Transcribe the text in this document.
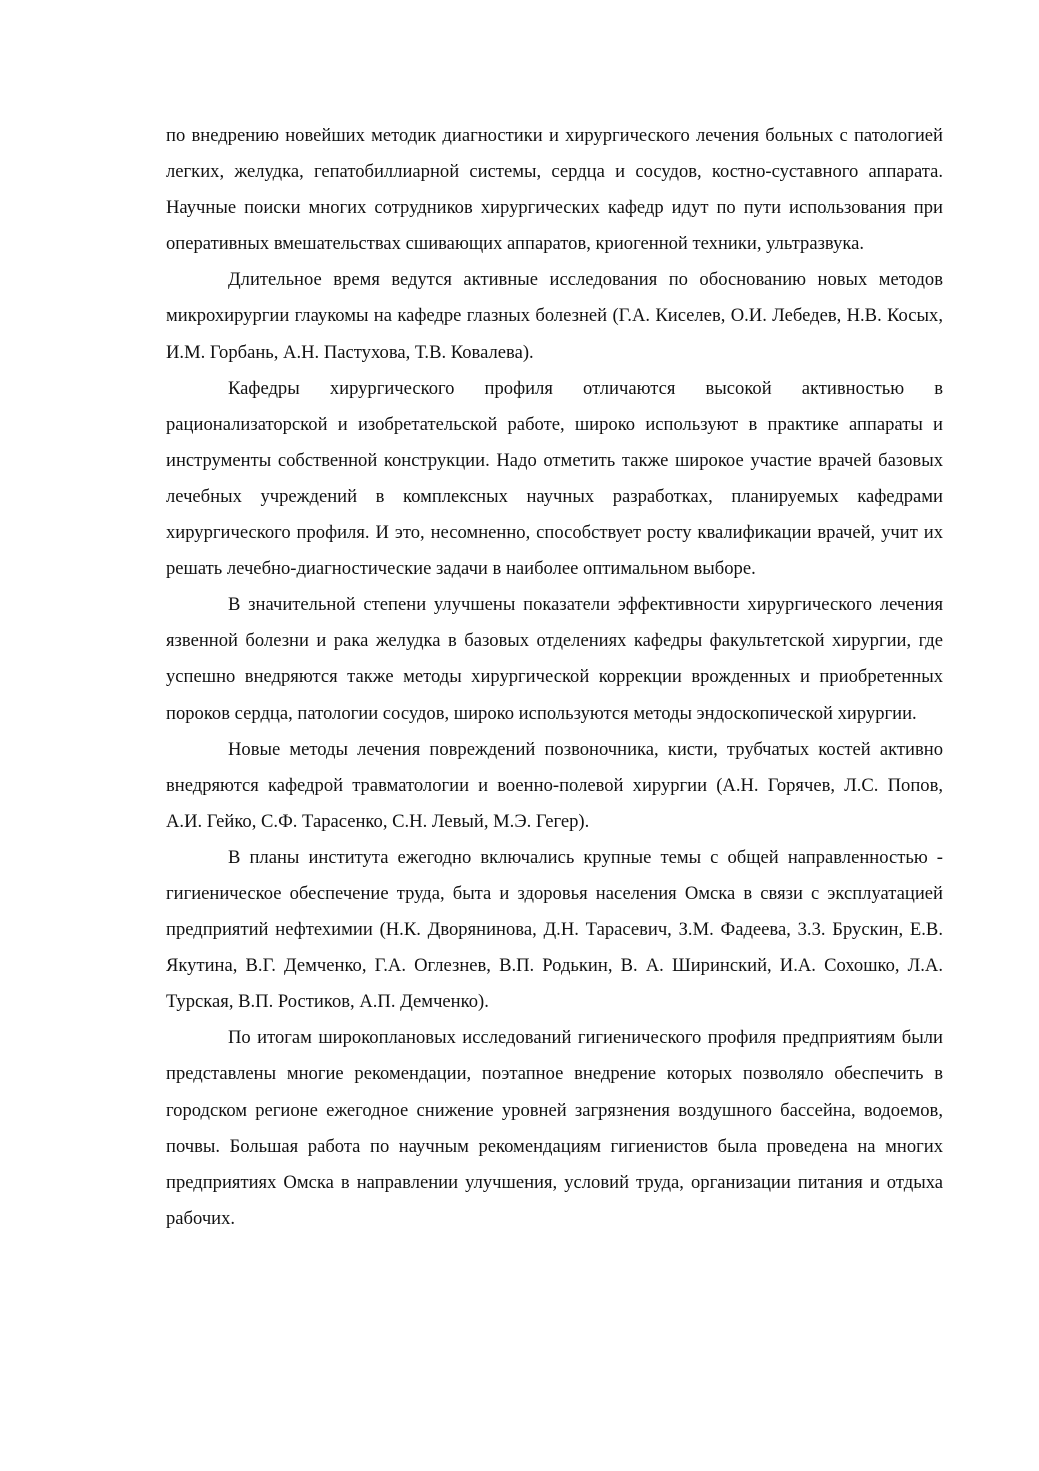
по внедрению новейших методик диагностики и хирургического лечения больных с патологией легких, желудка, гепатобиллиарной системы, сердца и сосудов, костно-суставного аппарата. Научные поиски многих сотрудников хирургических кафедр идут по пути использования при оперативных вмешательствах сшивающих аппаратов, криогенной техники, ультразвука.

Длительное время ведутся активные исследования по обоснованию новых методов микрохирургии глаукомы на кафедре глазных болезней (Г.А. Киселев, О.И. Лебедев, Н.В. Косых, И.М. Горбань, А.Н. Пастухова, Т.В. Ковалева).

Кафедры хирургического профиля отличаются высокой активностью в рационализаторской и изобретательской работе, широко используют в практике аппараты и инструменты собственной конструкции. Надо отметить также широкое участие врачей базовых лечебных учреждений в комплексных научных разработках, планируемых кафедрами хирургического профиля. И это, несомненно, способствует росту квалификации врачей, учит их решать лечебно-диагностические задачи в наиболее оптимальном выборе.

В значительной степени улучшены показатели эффективности хирургического лечения язвенной болезни и рака желудка в базовых отделениях кафедры факультетской хирургии, где успешно внедряются также методы хирургической коррекции врожденных и приобретенных пороков сердца, патологии сосудов, широко используются методы эндоскопической хирургии.

Новые методы лечения повреждений позвоночника, кисти, трубчатых костей активно внедряются кафедрой травматологии и военно-полевой хирургии (А.Н. Горячев, Л.С. Попов, А.И. Гейко, С.Ф. Тарасенко, С.Н. Левый, М.Э. Гегер).

В планы института ежегодно включались крупные темы с общей направленностью - гигиеническое обеспечение труда, быта и здоровья населения Омска в связи с эксплуатацией предприятий нефтехимии (Н.К. Дворянинова, Д.Н. Тарасевич, З.М. Фадеева, 3.3. Брускин, Е.В. Якутина, В.Г. Демченко, Г.А. Оглезнев, В.П. Родькин, В. А. Ширинский, И.А. Сохошко, Л.А. Турская, В.П. Ростиков, А.П. Демченко).

По итогам широкоплановых исследований гигиенического профиля предприятиям были представлены многие рекомендации, поэтапное внедрение которых позволяло обеспечить в городском регионе ежегодное снижение уровней загрязнения воздушного бассейна, водоемов, почвы. Большая работа по научным рекомендациям гигиенистов была проведена на многих предприятиях Омска в направлении улучшения, условий труда, организации питания и отдыха рабочих.
